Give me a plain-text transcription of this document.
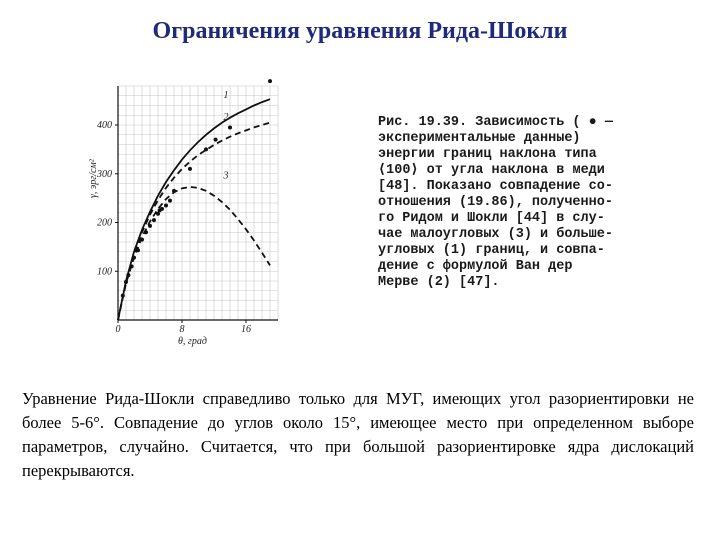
Ограничения уравнения Рида-Шокли
100
200
300
400
0	8	16
θ, град
γ, эрг/см²
1
2
3
Рис. 19.39. Зависимость ( ● —
экспериментальные данные)
энергии границ наклона типа
⟨100⟩ от угла наклона в меди
[48]. Показано совпадение со-
отношения (19.86), полученно-
го Ридом и Шокли [44] в слу-
чае малоугловых (3) и больше-
угловых (1) границ, и совпа-
дение с формулой Ван дер
Мерве (2) [47].
Уравнение Рида-Шокли справедливо только для МУГ, имеющих угол разориентировки не более 5-6°. Совпадение до углов около 15°, имеющее место при определенном выборе параметров, случайно. Считается, что при большой разориентировке ядра дислокаций перекрываются.
